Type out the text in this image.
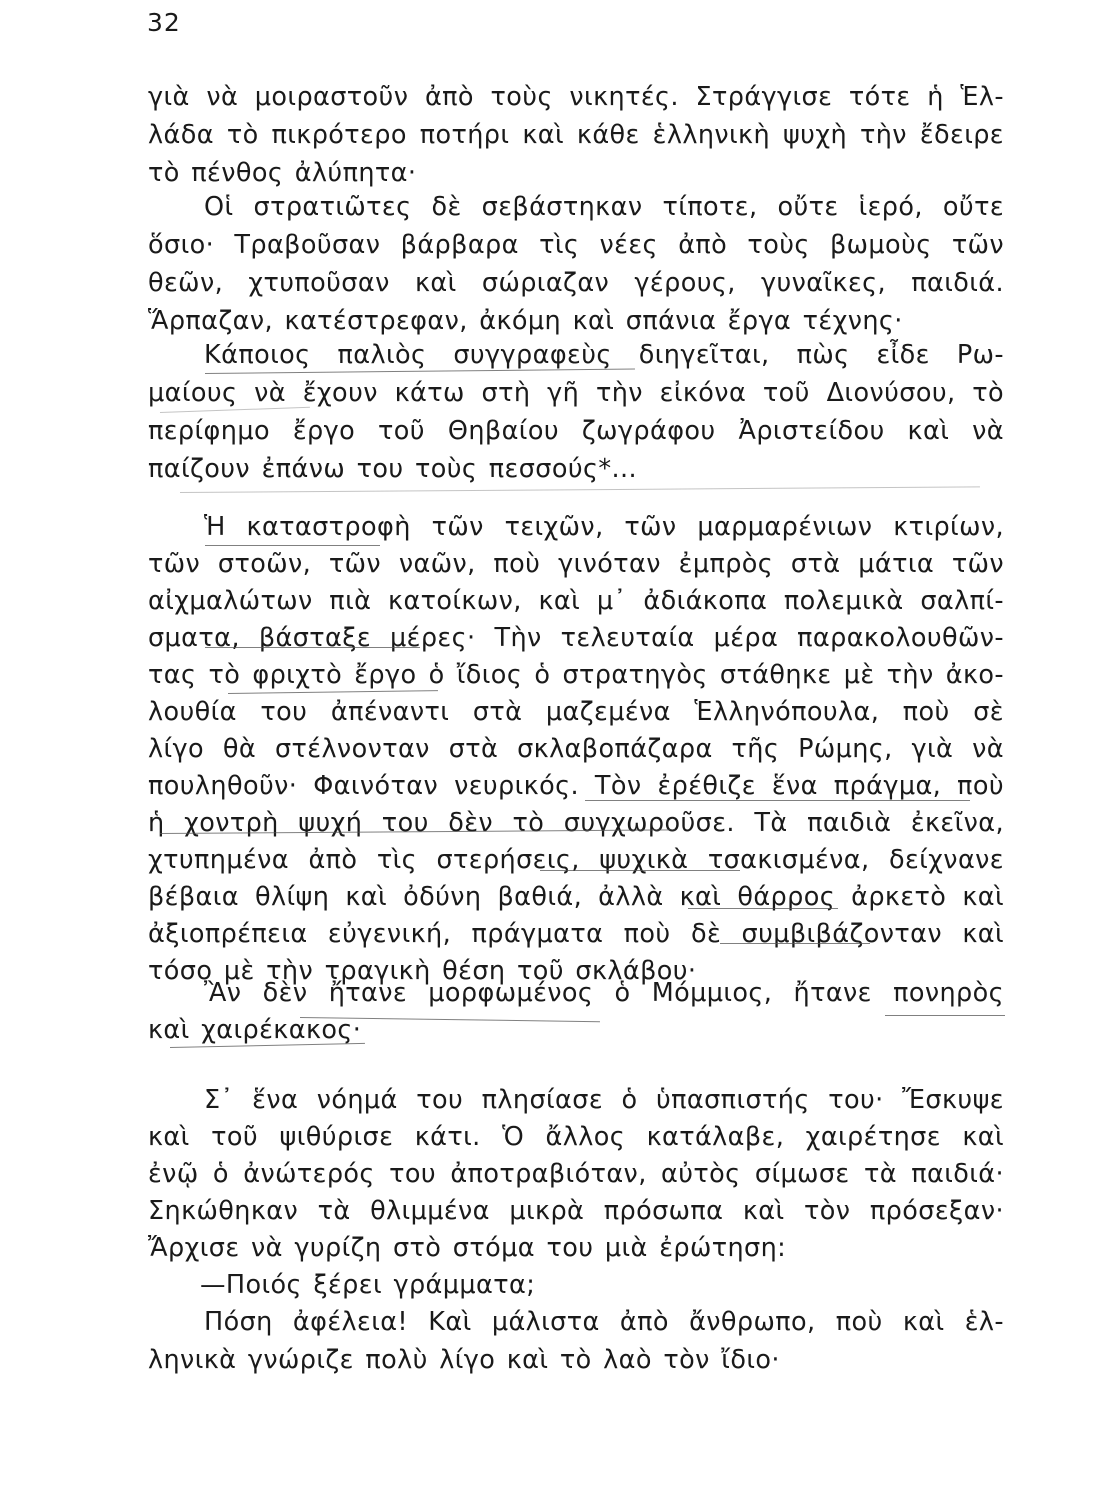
32
γιὰ νὰ μοιραστοῦν ἀπὸ τοὺς νικητές. Στράγγισε τότε ἡ Ἑλ-
λάδα τὸ πικρότερο ποτήρι καὶ κάθε ἑλληνικὴ ψυχὴ τὴν ἔδειρε
τὸ πένθος ἀλύπητα·
Οἱ στρατιῶτες δὲ σεβάστηκαν τίποτε, οὔτε ἱερό, οὔτε
ὅσιο· Τραβοῦσαν βάρβαρα τὶς νέες ἀπὸ τοὺς βωμοὺς τῶν
θεῶν, χτυποῦσαν καὶ σώριαζαν γέρους, γυναῖκες, παιδιά.
Ἅρπαζαν, κατέστρεφαν, ἀκόμη καὶ σπάνια ἔργα τέχνης·
Κάποιος παλιὸς συγγραφεὺς διηγεῖται, πὼς εἶδε Ρω-
μαίους νὰ ἔχουν κάτω στὴ γῆ τὴν εἰκόνα τοῦ Διονύσου, τὸ
περίφημο ἔργο τοῦ Θηβαίου ζωγράφου Ἀριστείδου καὶ νὰ
παίζουν ἐπάνω του τοὺς πεσσούς*...
Ἡ καταστροφὴ τῶν τειχῶν, τῶν μαρμαρένιων κτιρίων,
τῶν στοῶν, τῶν ναῶν, ποὺ γινόταν ἐμπρὸς στὰ μάτια τῶν
αἰχμαλώτων πιὰ κατοίκων, καὶ μ᾽ ἀδιάκοπα πολεμικὰ σαλπί-
σματα, βάσταξε μέρες· Τὴν τελευταία μέρα παρακολουθῶν-
τας τὸ φριχτὸ ἔργο ὁ ἴδιος ὁ στρατηγὸς στάθηκε μὲ τὴν ἀκο-
λουθία του ἀπέναντι στὰ μαζεμένα Ἑλληνόπουλα, ποὺ σὲ
λίγο θὰ στέλνονταν στὰ σκλαβοπάζαρα τῆς Ρώμης, γιὰ νὰ
πουληθοῦν· Φαινόταν νευρικός. Τὸν ἐρέθιζε ἕνα πράγμα, ποὺ
ἡ χοντρὴ ψυχή του δὲν τὸ συγχωροῦσε. Τὰ παιδιὰ ἐκεῖνα,
χτυπημένα ἀπὸ τὶς στερήσεις, ψυχικὰ τσακισμένα, δείχνανε
βέβαια θλίψη καὶ ὀδύνη βαθιά, ἀλλὰ καὶ θάρρος ἀρκετὸ καὶ
ἀξιοπρέπεια εὐγενική, πράγματα ποὺ δὲ συμβιβάζονταν καὶ
τόσο μὲ τὴν τραγικὴ θέση τοῦ σκλάβου·
Ἂν δὲν ἤτανε μορφωμένος ὁ Μόμμιος, ἤτανε πονηρὸς
καὶ χαιρέκακος·
Σ᾽ ἕνα νόημά του πλησίασε ὁ ὑπασπιστής του· Ἔσκυψε
καὶ τοῦ ψιθύρισε κάτι. Ὁ ἄλλος κατάλαβε, χαιρέτησε καὶ
ἐνῷ ὁ ἀνώτερός του ἀποτραβιόταν, αὐτὸς σίμωσε τὰ παιδιά·
Σηκώθηκαν τὰ θλιμμένα μικρὰ πρόσωπα καὶ τὸν πρόσεξαν·
Ἄρχισε νὰ γυρίζη στὸ στόμα του μιὰ ἐρώτηση:
—Ποιός ξέρει γράμματα;
Πόση ἀφέλεια! Καὶ μάλιστα ἀπὸ ἄνθρωπο, ποὺ καὶ ἑλ-
ληνικὰ γνώριζε πολὺ λίγο καὶ τὸ λαὸ τὸν ἴδιο·
